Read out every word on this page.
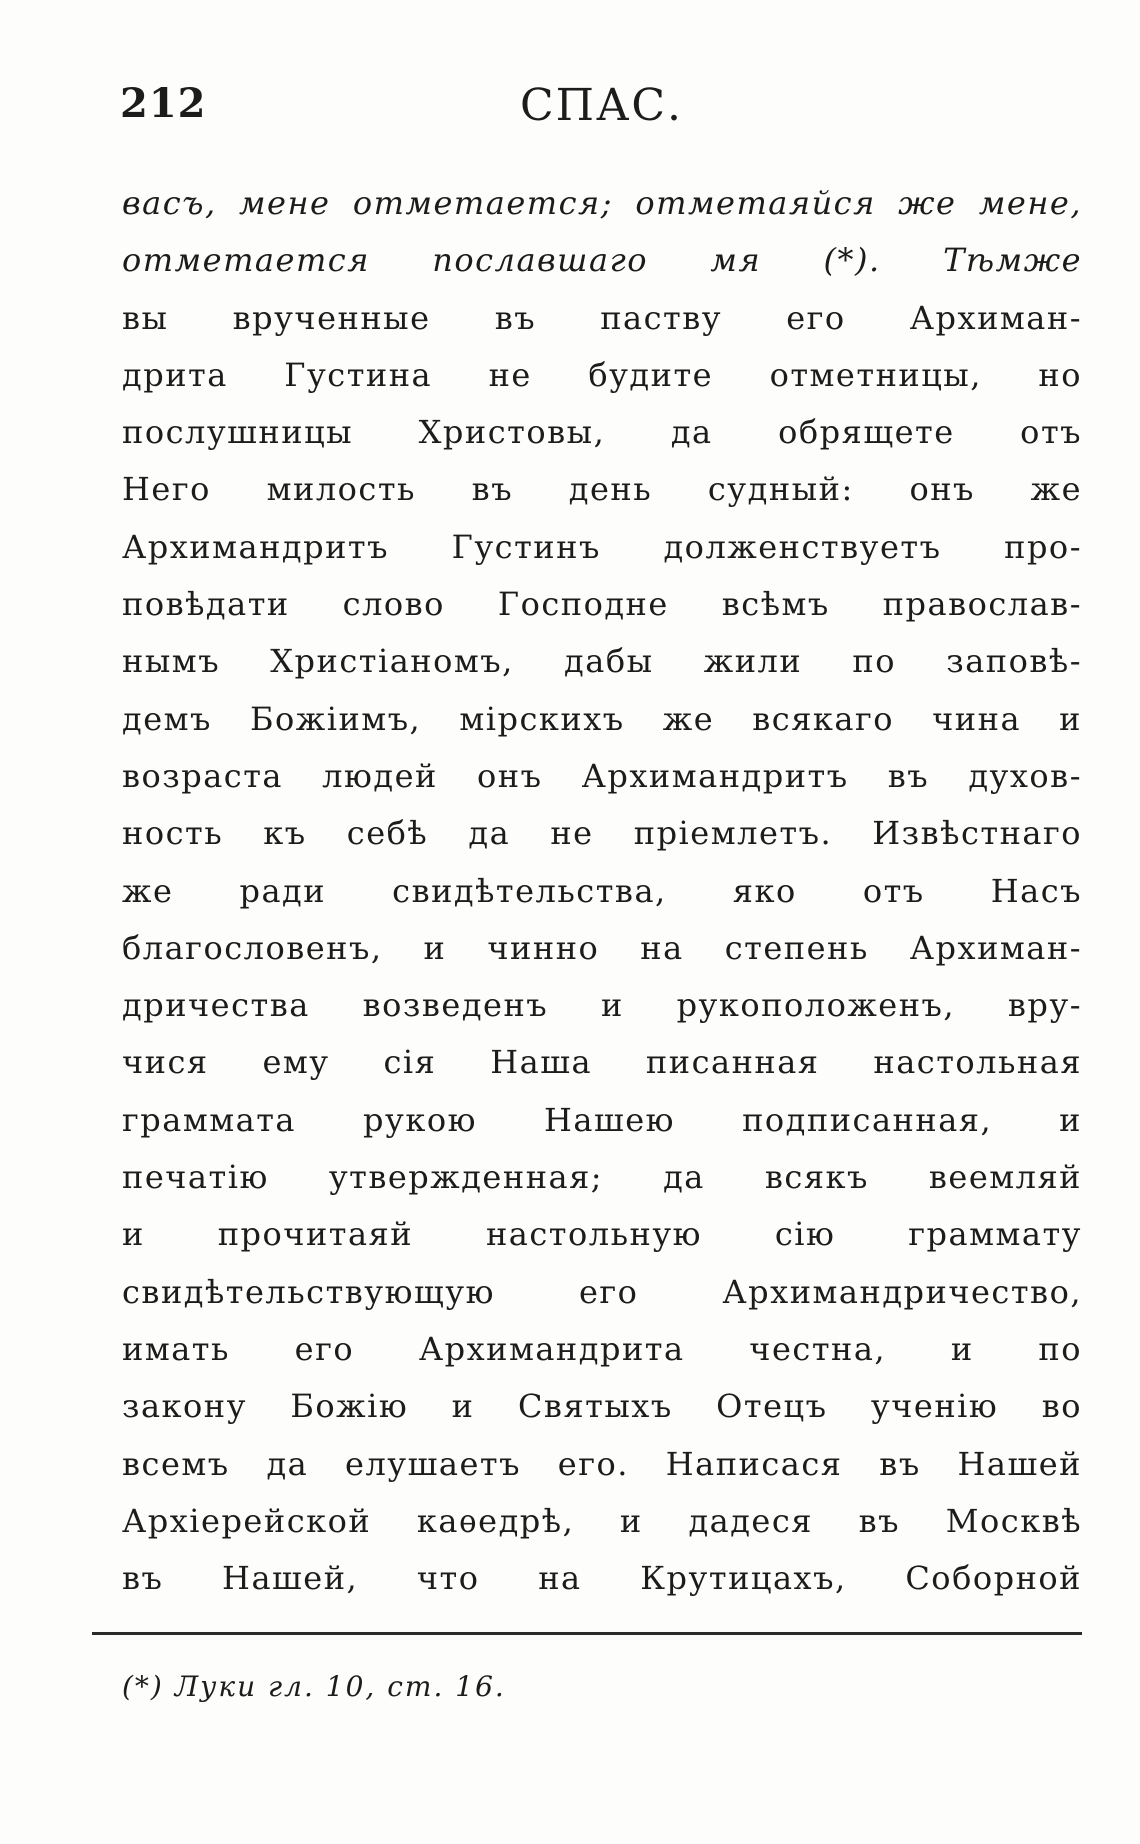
212	СПАС.
васъ, мене отметается; отметаяйся же мене,
отметается пославшаго мя (*). Тѣмже
вы врученные въ паству его Архиман-
дрита Густина не будите отметницы, но
послушницы Христовы, да обрящете отъ
Него милость въ день судный: онъ же
Архимандритъ Густинъ долженствуетъ про-
повѣдати слово Господне всѣмъ православ-
нымъ Христіаномъ, дабы жили по заповѣ-
демъ Божіимъ, мірскихъ же всякаго чина и
возраста людей онъ Архимандритъ въ духов-
ность къ себѣ да не пріемлетъ. Извѣстнаго
же ради свидѣтельства, яко отъ Насъ
благословенъ, и чинно на степень Архиман-
дричества возведенъ и рукоположенъ, вру-
чися ему сія Наша писанная настольная
граммата рукою Нашею подписанная, и
печатію утвержденная; да всякъ веемляй
и прочитаяй настольную сію граммату
свидѣтельствующую его Архимандричество,
имать его Архимандрита честна, и по
закону Божію и Святыхъ Отецъ ученію во
всемъ да елушаетъ его. Написася въ Нашей
Архіерейской каѳедрѣ, и дадеся въ Москвѣ
въ Нашей, что на Крутицахъ, Соборной
(*) Луки гл. 10, ст. 16.
